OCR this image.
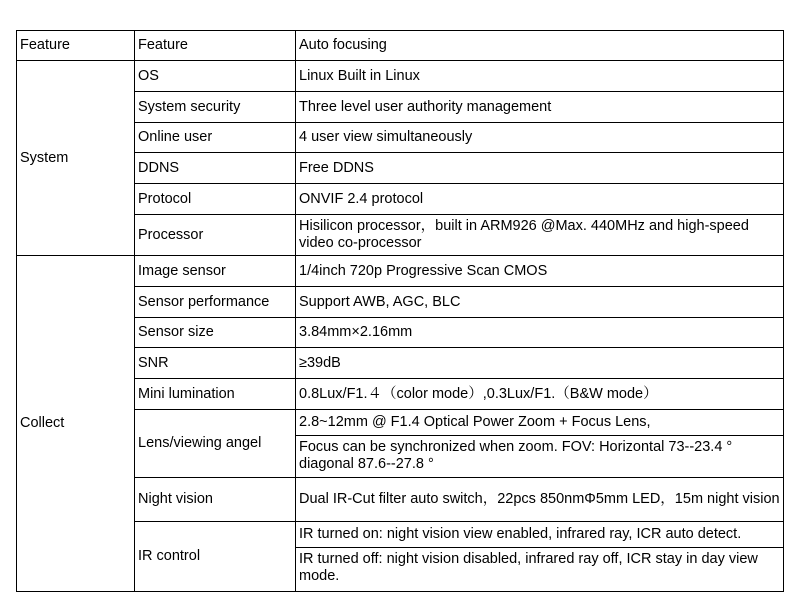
Feature	Feature	Auto focusing
System	OS	Linux Built in Linux
	System security	Three level user authority management
	Online user	4 user view simultaneously
	DDNS	Free DDNS
	Protocol	ONVIF 2.4 protocol
	Processor	Hisilicon processor，built in ARM926 @Max. 440MHz and high-speed video co-processor
Collect	Image sensor	1/4inch 720p Progressive Scan CMOS
	Sensor performance	Support AWB, AGC, BLC
	Sensor size	3.84mm×2.16mm
	SNR	≥39dB
	Mini lumination	0.8Lux/F1.４（color mode）,0.3Lux/F1.（B&W mode）
	Lens/viewing angel	2.8~12mm @ F1.4 Optical Power Zoom + Focus Lens,
		Focus can be synchronized when zoom. FOV: Horizontal 73--23.4 ° diagonal 87.6--27.8 °
	Night vision	Dual IR-Cut filter auto switch，22pcs 850nmΦ5mm LED，15m night vision
	IR control	IR turned on: night vision view enabled, infrared ray, ICR auto detect.
		IR turned off: night vision disabled, infrared ray off, ICR stay in day view mode.
